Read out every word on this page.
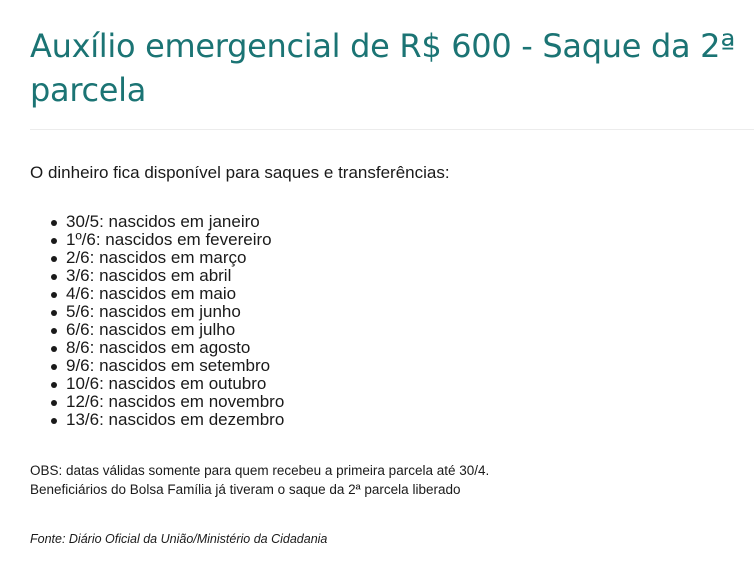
Auxílio emergencial de R$ 600 - Saque da 2ª parcela

O dinheiro fica disponível para saques e transferências:

30/5: nascidos em janeiro
1º/6: nascidos em fevereiro
2/6: nascidos em março
3/6: nascidos em abril
4/6: nascidos em maio
5/6: nascidos em junho
6/6: nascidos em julho
8/6: nascidos em agosto
9/6: nascidos em setembro
10/6: nascidos em outubro
12/6: nascidos em novembro
13/6: nascidos em dezembro

OBS: datas válidas somente para quem recebeu a primeira parcela até 30/4.
Beneficiários do Bolsa Família já tiveram o saque da 2ª parcela liberado

Fonte: Diário Oficial da União/Ministério da Cidadania
